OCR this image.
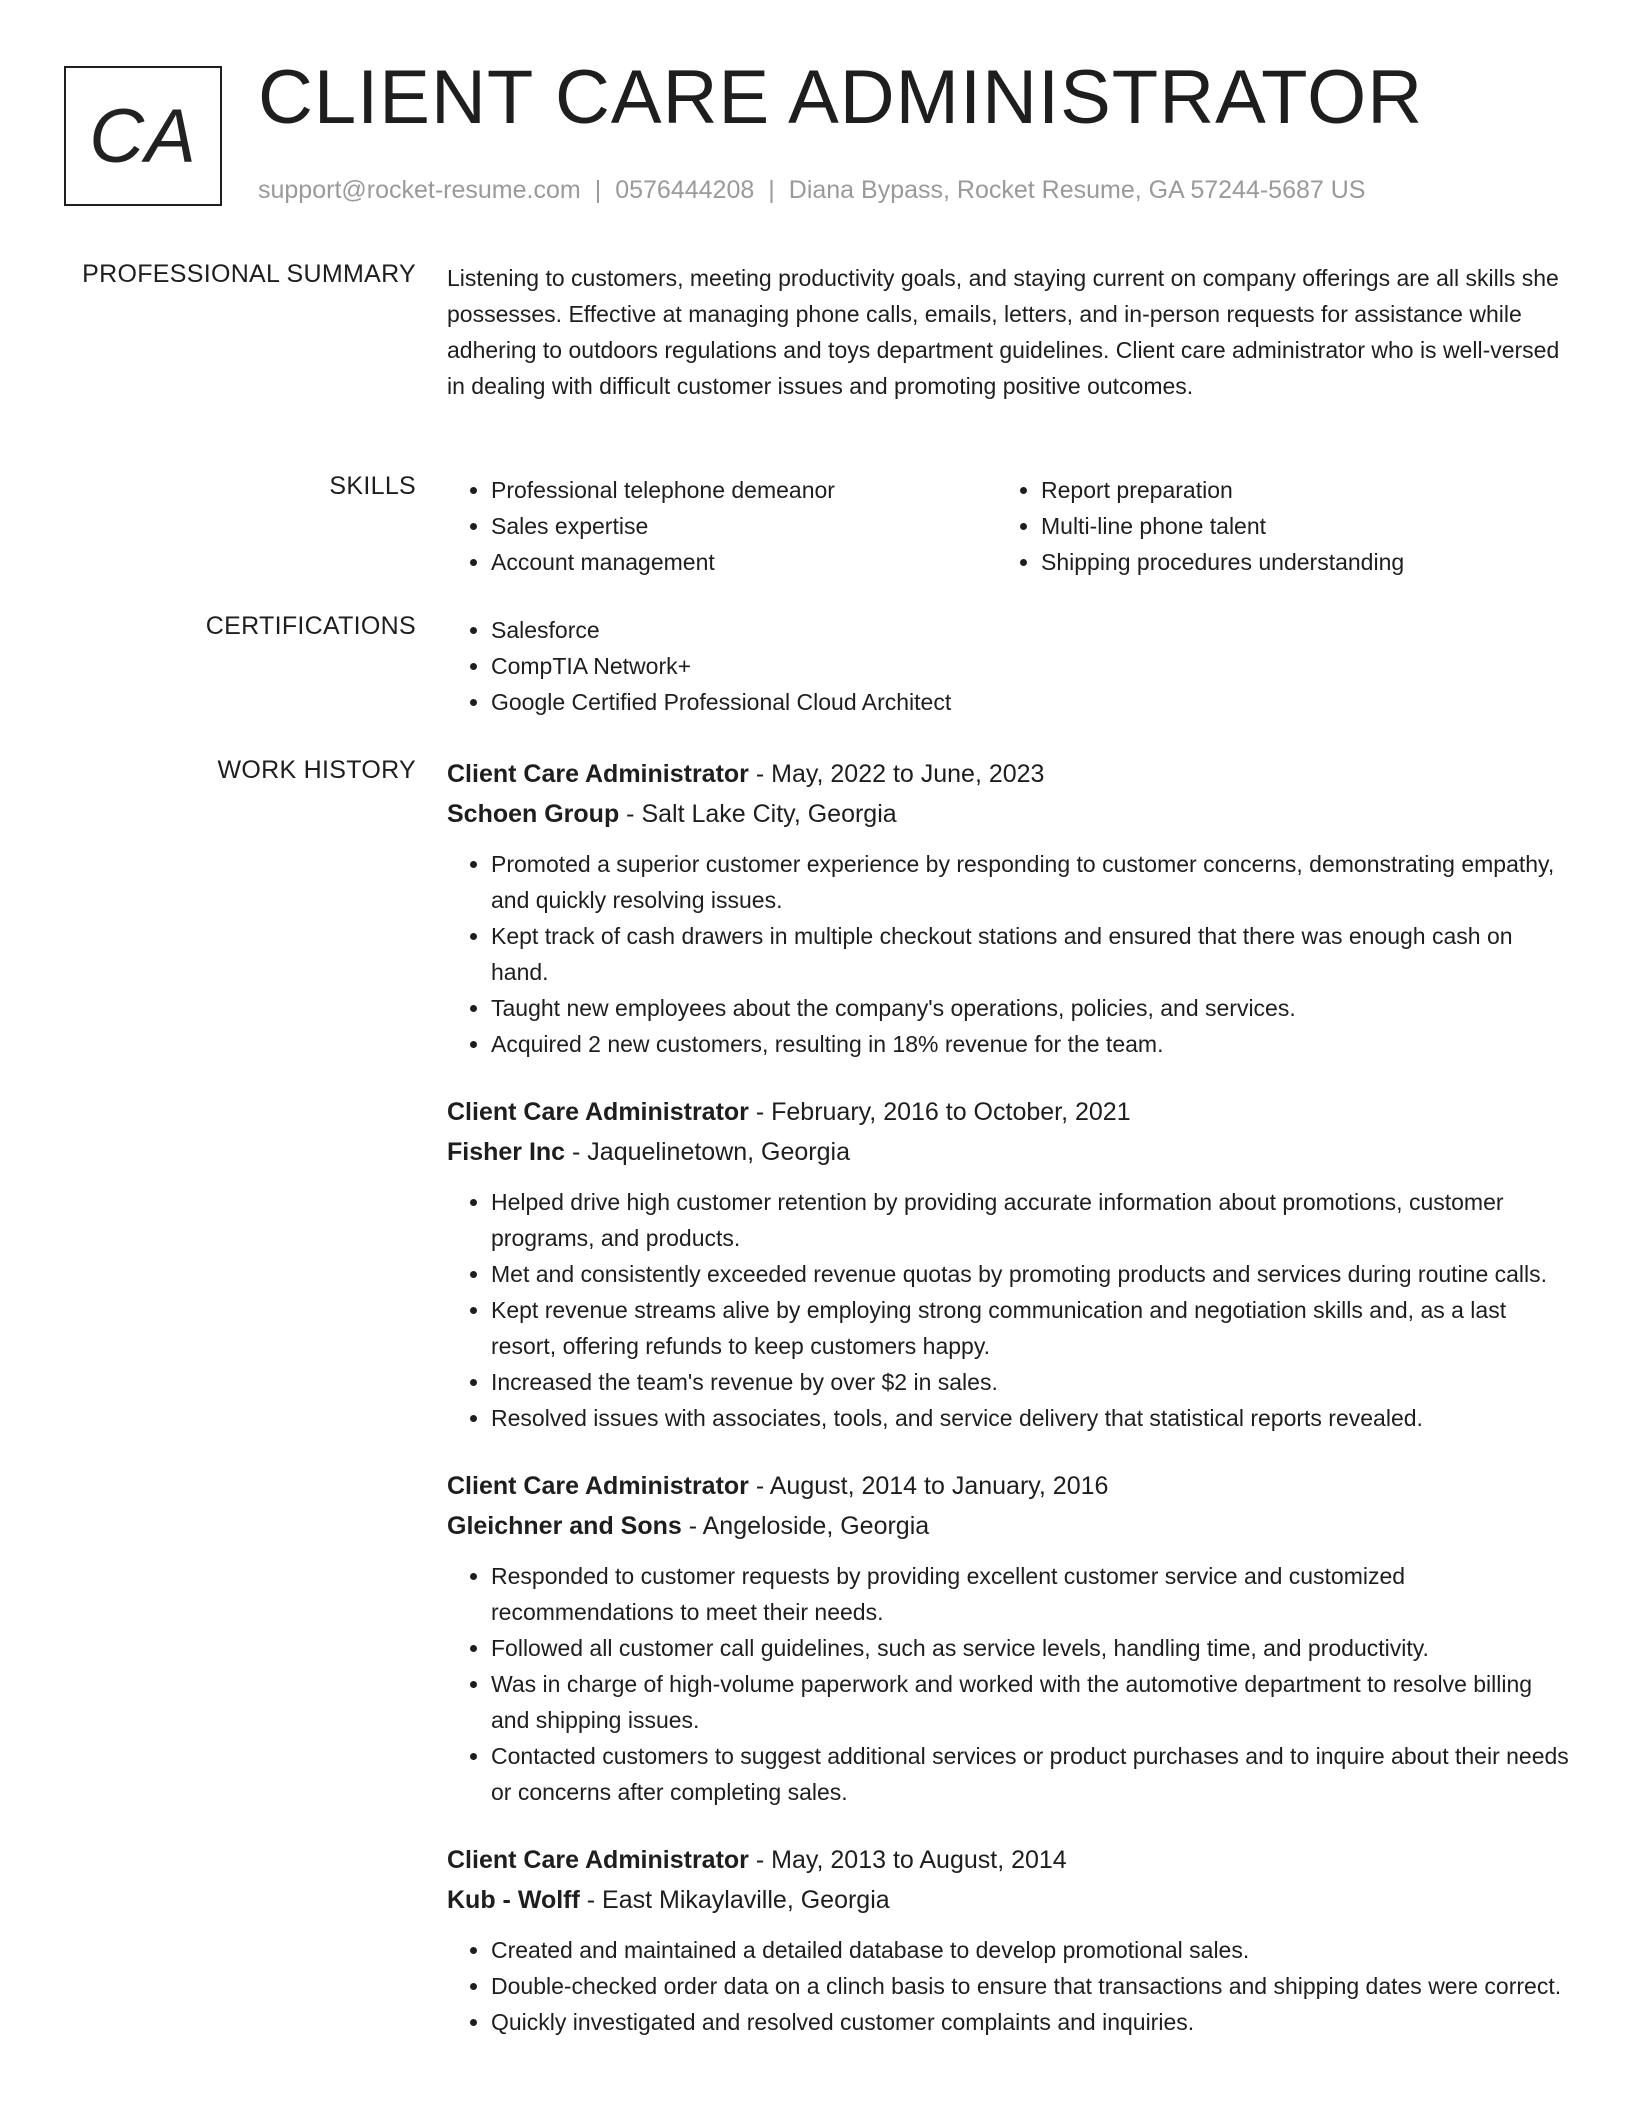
CA CLIENT CARE ADMINISTRATOR
support@rocket-resume.com | 0576444208 | Diana Bypass, Rocket Resume, GA 57244-5687 US
PROFESSIONAL SUMMARY Listening to customers, meeting productivity goals, and staying current on company offerings are all skills she possesses. Effective at managing phone calls, emails, letters, and in-person requests for assistance while adhering to outdoors regulations and toys department guidelines. Client care administrator who is well-versed in dealing with difficult customer issues and promoting positive outcomes.
SKILLS	• Professional telephone demeanor
• Sales expertise
• Account management
• Report preparation
• Multi-line phone talent
• Shipping procedures understanding
CERTIFICATIONS	• Salesforce
• CompTIA Network+
• Google Certified Professional Cloud Architect
WORK HISTORY Client Care Administrator - May, 2022 to June, 2023
Schoen Group - Salt Lake City, Georgia
• Promoted a superior customer experience by responding to customer concerns, demonstrating empathy, and quickly resolving issues.
• Kept track of cash drawers in multiple checkout stations and ensured that there was enough cash on hand.
• Taught new employees about the company's operations, policies, and services.
• Acquired 2 new customers, resulting in 18% revenue for the team.
Client Care Administrator - February, 2016 to October, 2021
Fisher Inc - Jaquelinetown, Georgia
• Helped drive high customer retention by providing accurate information about promotions, customer programs, and products.
• Met and consistently exceeded revenue quotas by promoting products and services during routine calls.
• Kept revenue streams alive by employing strong communication and negotiation skills and, as a last resort, offering refunds to keep customers happy.
• Increased the team's revenue by over $2 in sales.
• Resolved issues with associates, tools, and service delivery that statistical reports revealed.
Client Care Administrator - August, 2014 to January, 2016
Gleichner and Sons - Angeloside, Georgia
• Responded to customer requests by providing excellent customer service and customized recommendations to meet their needs.
• Followed all customer call guidelines, such as service levels, handling time, and productivity.
• Was in charge of high-volume paperwork and worked with the automotive department to resolve billing and shipping issues.
• Contacted customers to suggest additional services or product purchases and to inquire about their needs or concerns after completing sales.
Client Care Administrator - May, 2013 to August, 2014
Kub - Wolff - East Mikaylaville, Georgia
• Created and maintained a detailed database to develop promotional sales.
• Double-checked order data on a clinch basis to ensure that transactions and shipping dates were correct.
• Quickly investigated and resolved customer complaints and inquiries.
